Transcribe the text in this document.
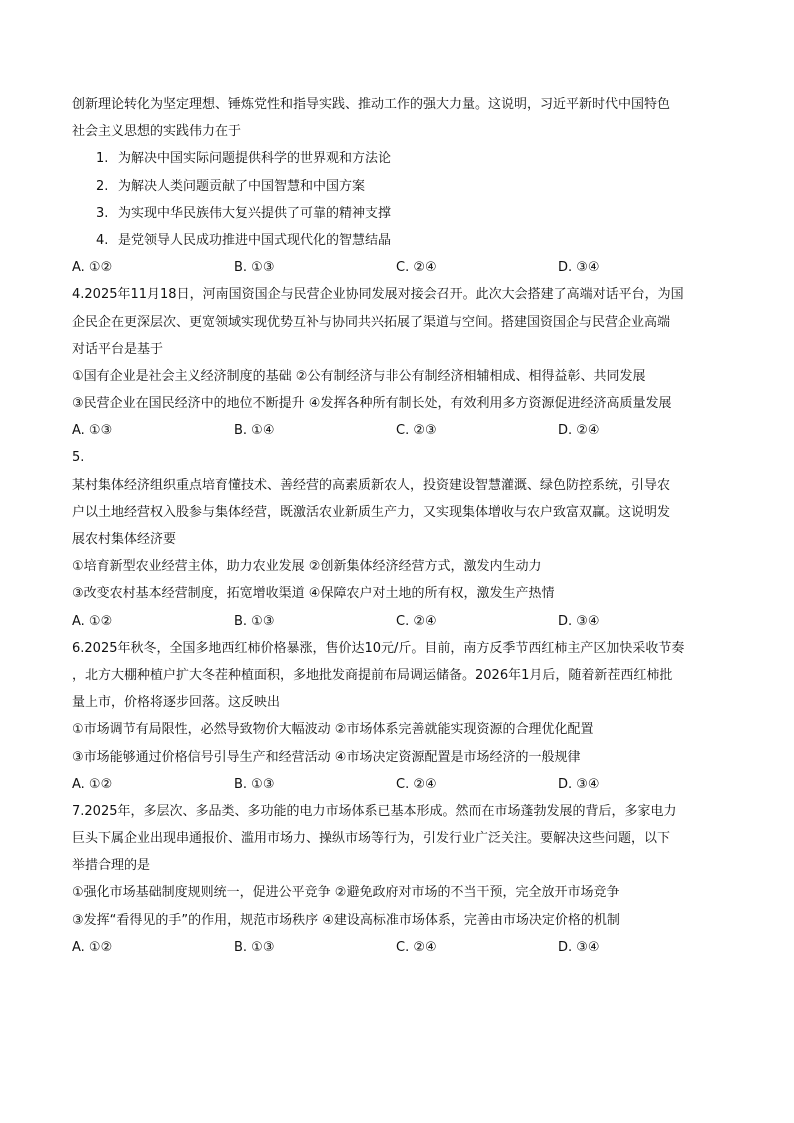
创新理论转化为坚定理想、锤炼党性和指导实践、推动工作的强大力量。这说明，习近平新时代中国特色
社会主义思想的实践伟力在于
1. 为解决中国实际问题提供科学的世界观和方法论
2. 为解决人类问题贡献了中国智慧和中国方案
3. 为实现中华民族伟大复兴提供了可靠的精神支撑
4. 是党领导人民成功推进中国式现代化的智慧结晶
A. ①②	B. ①③	C. ②④	D. ③④
4.2025年11月18日，河南国资国企与民营企业协同发展对接会召开。此次大会搭建了高端对话平台，为国
企民企在更深层次、更宽领域实现优势互补与协同共兴拓展了渠道与空间。搭建国资国企与民营企业高端
对话平台是基于
①国有企业是社会主义经济制度的基础 ②公有制经济与非公有制经济相辅相成、相得益彰、共同发展
③民营企业在国民经济中的地位不断提升 ④发挥各种所有制长处，有效利用多方资源促进经济高质量发展
A. ①③	B. ①④	C. ②③	D. ②④
5.
某村集体经济组织重点培育懂技术、善经营的高素质新农人，投资建设智慧灌溉、绿色防控系统，引导农
户以土地经营权入股参与集体经营，既激活农业新质生产力，又实现集体增收与农户致富双赢。这说明发
展农村集体经济要
①培育新型农业经营主体，助力农业发展 ②创新集体经济经营方式，激发内生动力
③改变农村基本经营制度，拓宽增收渠道 ④保障农户对土地的所有权，激发生产热情
A. ①②	B. ①③	C. ②④	D. ③④
6.2025年秋冬，全国多地西红柿价格暴涨，售价达10元/斤。目前，南方反季节西红柿主产区加快采收节奏
，北方大棚种植户扩大冬茬种植面积，多地批发商提前布局调运储备。2026年1月后，随着新茬西红柿批
量上市，价格将逐步回落。这反映出
①市场调节有局限性，必然导致物价大幅波动 ②市场体系完善就能实现资源的合理优化配置
③市场能够通过价格信号引导生产和经营活动 ④市场决定资源配置是市场经济的一般规律
A. ①②	B. ①③	C. ②④	D. ③④
7.2025年，多层次、多品类、多功能的电力市场体系已基本形成。然而在市场蓬勃发展的背后，多家电力
巨头下属企业出现串通报价、滥用市场力、操纵市场等行为，引发行业广泛关注。要解决这些问题，以下
举措合理的是
①强化市场基础制度规则统一，促进公平竞争 ②避免政府对市场的不当干预，完全放开市场竞争
③发挥“看得见的手”的作用，规范市场秩序 ④建设高标准市场体系，完善由市场决定价格的机制
A. ①②	B. ①③	C. ②④	D. ③④
